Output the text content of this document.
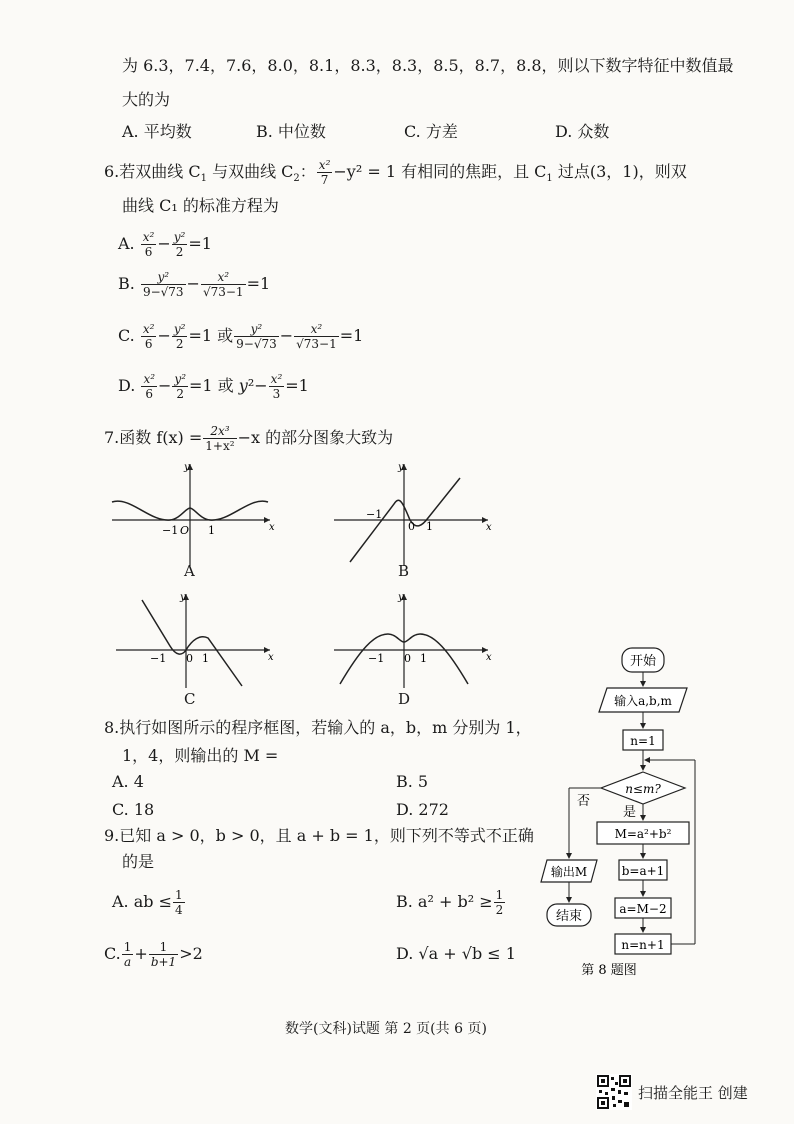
为 6.3，7.4，7.6，8.0，8.1，8.3，8.3，8.5，8.7，8.8，则以下数字特征中数值最
大的为
A. 平均数	B. 中位数	C. 方差	D. 众数
6.若双曲线 $C_1$ 与双曲线 $C_2$： $\frac{\text{x²}}{7} -y^2 = 1$ 有相同的焦距，且 $C_1$ 过点(3，1)，则双
曲线 C₁ 的标准方程为
A. $\frac{\text{x²}}{6} - \frac{\text{y²}}{2} =1$
B. $\frac{\text{y²}}{9-√73} - \frac{\text{x²}}{√73-1} =1$
C. $\frac{\text{x²}}{6} - \frac{\text{y²}}{2} =1$ 或 $\frac{\text{y²}}{9-√73} - \frac{\text{x²}}{√73-1} =1$
D. $\frac{\text{x²}}{6} - \frac{\text{y²}}{2} =1$ 或 $y^2- \frac{\text{x²}}{3} =1$
7.函数 $f(x) = \frac{\text{2x³}}{\text{1+x²}} -x$ 的部分图象大致为
y
x
−1 O 1
A
y
x
−1
0 1
B
y
x
−1 0 1
C
y
x
−1 0 1
D
8.执行如图所示的程序框图，若输入的 a，b，m 分别为 1，
1，4，则输出的 M =
A. 4	B. 5
C. 18	D. 272
9.已知 a > 0，b > 0，且 a + b = 1，则下列不等式不正确
的是
A. ab ≤ $\frac{1}{4}$	B. $a^2 + b^2 \ge \frac{1}{2}$
C. $\frac{1}{a} + \frac{1}{b+1} >2$	D. √a + √b ≤ 1
开始
输入a,b,m
n=1
n≤m?
否
是
M=a²+b²
b=a+1
a=M−2
n=n+1
输出M
结束
第 8 题图
数学(文科)试题 第 2 页(共 6 页)
扫描全能王 创建
